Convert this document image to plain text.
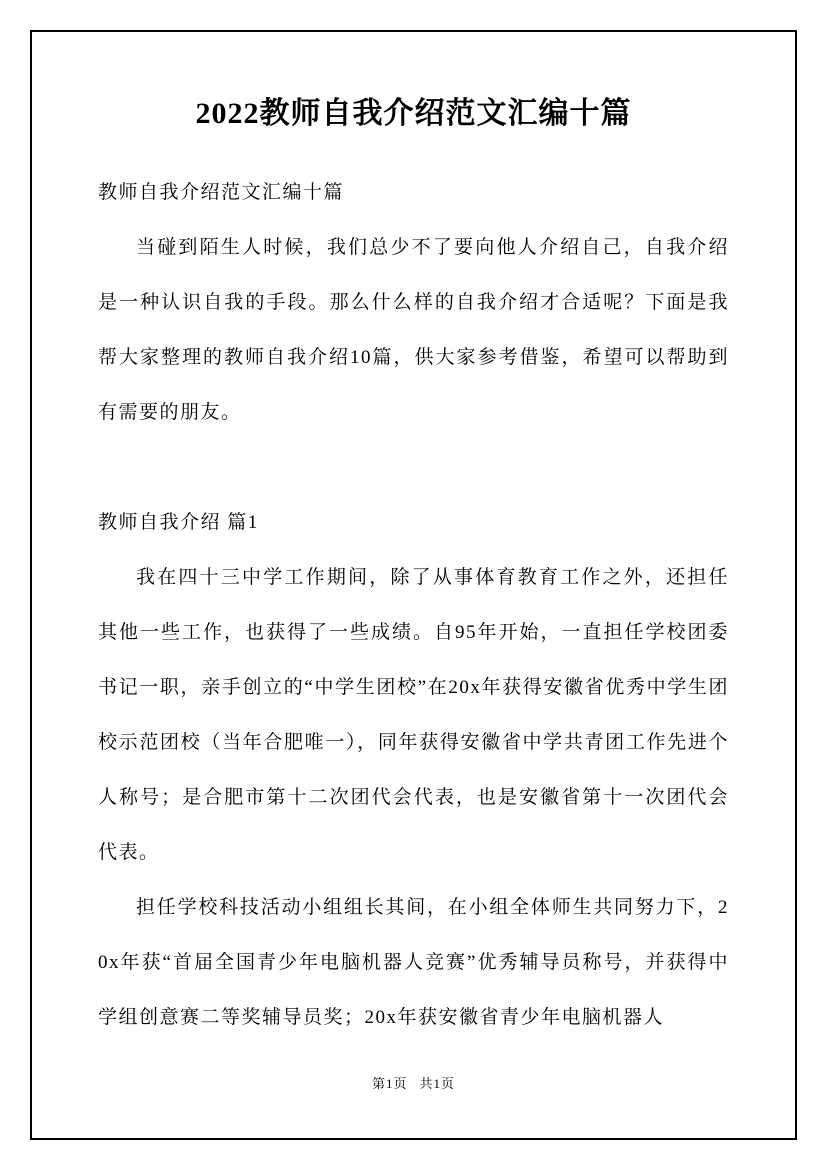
2022教师自我介绍范文汇编十篇

教师自我介绍范文汇编十篇

当碰到陌生人时候，我们总少不了要向他人介绍自己，自我介绍是一种认识自我的手段。那么什么样的自我介绍才合适呢？下面是我帮大家整理的教师自我介绍10篇，供大家参考借鉴，希望可以帮助到有需要的朋友。

教师自我介绍 篇1

我在四十三中学工作期间，除了从事体育教育工作之外，还担任其他一些工作，也获得了一些成绩。自95年开始，一直担任学校团委书记一职，亲手创立的“中学生团校”在20x年获得安徽省优秀中学生团校示范团校（当年合肥唯一），同年获得安徽省中学共青团工作先进个人称号；是合肥市第十二次团代会代表，也是安徽省第十一次团代会代表。

担任学校科技活动小组组长其间，在小组全体师生共同努力下，20x年获“首届全国青少年电脑机器人竞赛”优秀辅导员称号，并获得中学组创意赛二等奖辅导员奖；20x年获安徽省青少年电脑机器人

第1页 共1页
